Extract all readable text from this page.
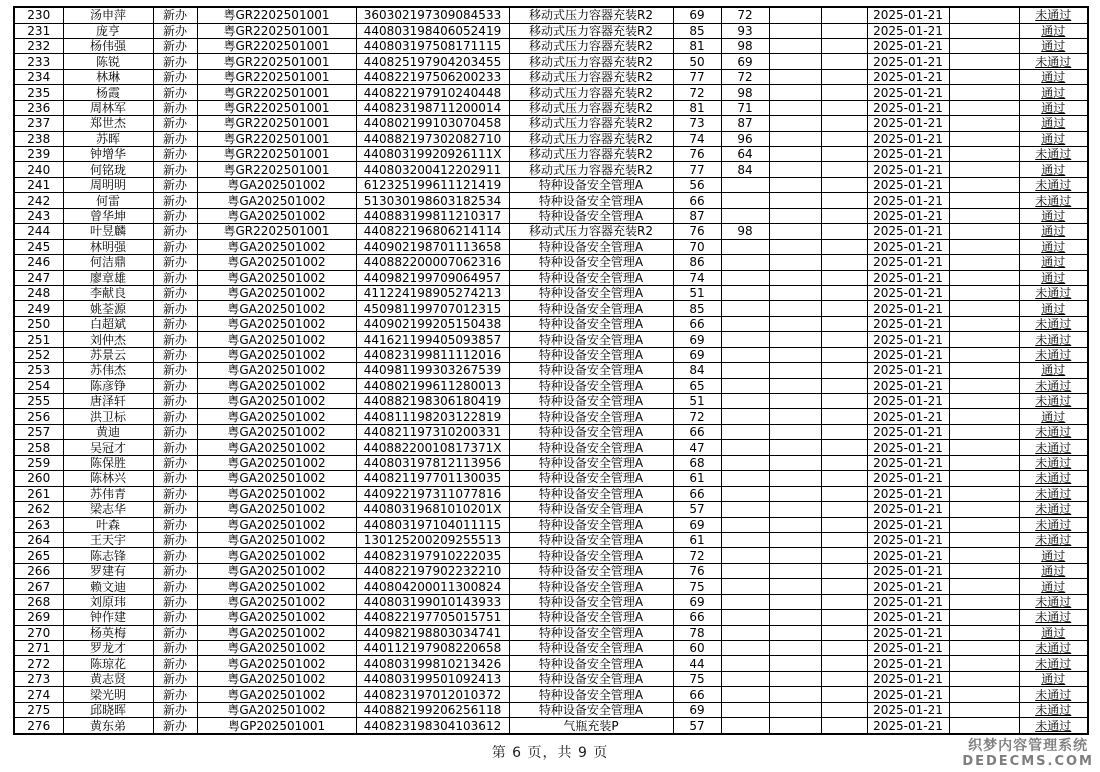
230	汤申萍	新办	粤GR2202501001	360302197309084533	移动式压力容器充装R2	69	72			2025-01-21		未通过
231	庞亨	新办	粤GR2202501001	440803198406052419	移动式压力容器充装R2	85	93			2025-01-21		通过
232	杨伟强	新办	粤GR2202501001	440803197508171115	移动式压力容器充装R2	81	98			2025-01-21		通过
233	陈锐	新办	粤GR2202501001	440825197904203455	移动式压力容器充装R2	50	69			2025-01-21		未通过
234	林琳	新办	粤GR2202501001	440822197506200233	移动式压力容器充装R2	77	72			2025-01-21		通过
235	杨霞	新办	粤GR2202501001	440822197910240448	移动式压力容器充装R2	72	98			2025-01-21		通过
236	周林军	新办	粤GR2202501001	440823198711200014	移动式压力容器充装R2	81	71			2025-01-21		通过
237	郑世杰	新办	粤GR2202501001	440802199103070458	移动式压力容器充装R2	73	87			2025-01-21		通过
238	苏晖	新办	粤GR2202501001	440882197302082710	移动式压力容器充装R2	74	96			2025-01-21		通过
239	钟增华	新办	粤GR2202501001	44080319920926111X	移动式压力容器充装R2	76	64			2025-01-21		未通过
240	何铭珑	新办	粤GR2202501001	440803200412202911	移动式压力容器充装R2	77	84			2025-01-21		通过
241	周明明	新办	粤GA202501002	612325199611121419	特种设备安全管理A	56				2025-01-21		未通过
242	何雷	新办	粤GA202501002	513030198603182534	特种设备安全管理A	66				2025-01-21		未通过
243	曾华坤	新办	粤GA202501002	440883199811210317	特种设备安全管理A	87				2025-01-21		通过
244	叶昱麟	新办	粤GR2202501001	440822196806214114	移动式压力容器充装R2	76	98			2025-01-21		通过
245	林明强	新办	粤GA202501002	440902198701113658	特种设备安全管理A	70				2025-01-21		通过
246	何洁鼎	新办	粤GA202501002	440882200007062316	特种设备安全管理A	86				2025-01-21		通过
247	廖章雄	新办	粤GA202501002	440982199709064957	特种设备安全管理A	74				2025-01-21		通过
248	李献良	新办	粤GA202501002	411224198905274213	特种设备安全管理A	51				2025-01-21		未通过
249	姚荃源	新办	粤GA202501002	450981199707012315	特种设备安全管理A	85				2025-01-21		通过
250	白超斌	新办	粤GA202501002	440902199205150438	特种设备安全管理A	66				2025-01-21		未通过
251	刘仲杰	新办	粤GA202501002	441621199405093857	特种设备安全管理A	69				2025-01-21		未通过
252	苏景云	新办	粤GA202501002	440823199811112016	特种设备安全管理A	69				2025-01-21		未通过
253	苏伟杰	新办	粤GA202501002	440981199303267539	特种设备安全管理A	84				2025-01-21		通过
254	陈彦铮	新办	粤GA202501002	440802199611280013	特种设备安全管理A	65				2025-01-21		未通过
255	唐泽轩	新办	粤GA202501002	440882198306180419	特种设备安全管理A	51				2025-01-21		未通过
256	洪卫标	新办	粤GA202501002	440811198203122819	特种设备安全管理A	72				2025-01-21		通过
257	黄迪	新办	粤GA202501002	440821197310200331	特种设备安全管理A	66				2025-01-21		未通过
258	吴冠才	新办	粤GA202501002	44088220010817371X	特种设备安全管理A	47				2025-01-21		未通过
259	陈保胜	新办	粤GA202501002	440803197812113956	特种设备安全管理A	68				2025-01-21		未通过
260	陈林兴	新办	粤GA202501002	440821197701130035	特种设备安全管理A	61				2025-01-21		未通过
261	苏伟青	新办	粤GA202501002	440922197311077816	特种设备安全管理A	66				2025-01-21		未通过
262	梁志华	新办	粤GA202501002	44080319681010201X	特种设备安全管理A	57				2025-01-21		未通过
263	叶森	新办	粤GA202501002	440803197104011115	特种设备安全管理A	69				2025-01-21		未通过
264	王天宇	新办	粤GA202501002	130125200209255513	特种设备安全管理A	61				2025-01-21		未通过
265	陈志锋	新办	粤GA202501002	440823197910222035	特种设备安全管理A	72				2025-01-21		通过
266	罗建有	新办	粤GA202501002	440822197902232210	特种设备安全管理A	76				2025-01-21		通过
267	赖文迪	新办	粤GA202501002	440804200011300824	特种设备安全管理A	75				2025-01-21		通过
268	刘原玮	新办	粤GA202501002	440803199010143933	特种设备安全管理A	69				2025-01-21		未通过
269	钟作建	新办	粤GA202501002	440822197705015751	特种设备安全管理A	66				2025-01-21		未通过
270	杨英梅	新办	粤GA202501002	440982198803034741	特种设备安全管理A	78				2025-01-21		通过
271	罗龙才	新办	粤GA202501002	440112197908220658	特种设备安全管理A	60				2025-01-21		未通过
272	陈琼花	新办	粤GA202501002	440803199810213426	特种设备安全管理A	44				2025-01-21		未通过
273	黄志贤	新办	粤GA202501002	440803199501092413	特种设备安全管理A	75				2025-01-21		通过
274	梁光明	新办	粤GA202501002	440823197012010372	特种设备安全管理A	66				2025-01-21		未通过
275	邱晓晖	新办	粤GA202501002	440882199206256118	特种设备安全管理A	69				2025-01-21		未通过
276	黄东弟	新办	粤GP202501001	440823198304103612	气瓶充装P	57				2025-01-21		未通过
第 6 页，共 9 页	织梦内容管理系统
DEDECMS.COM
